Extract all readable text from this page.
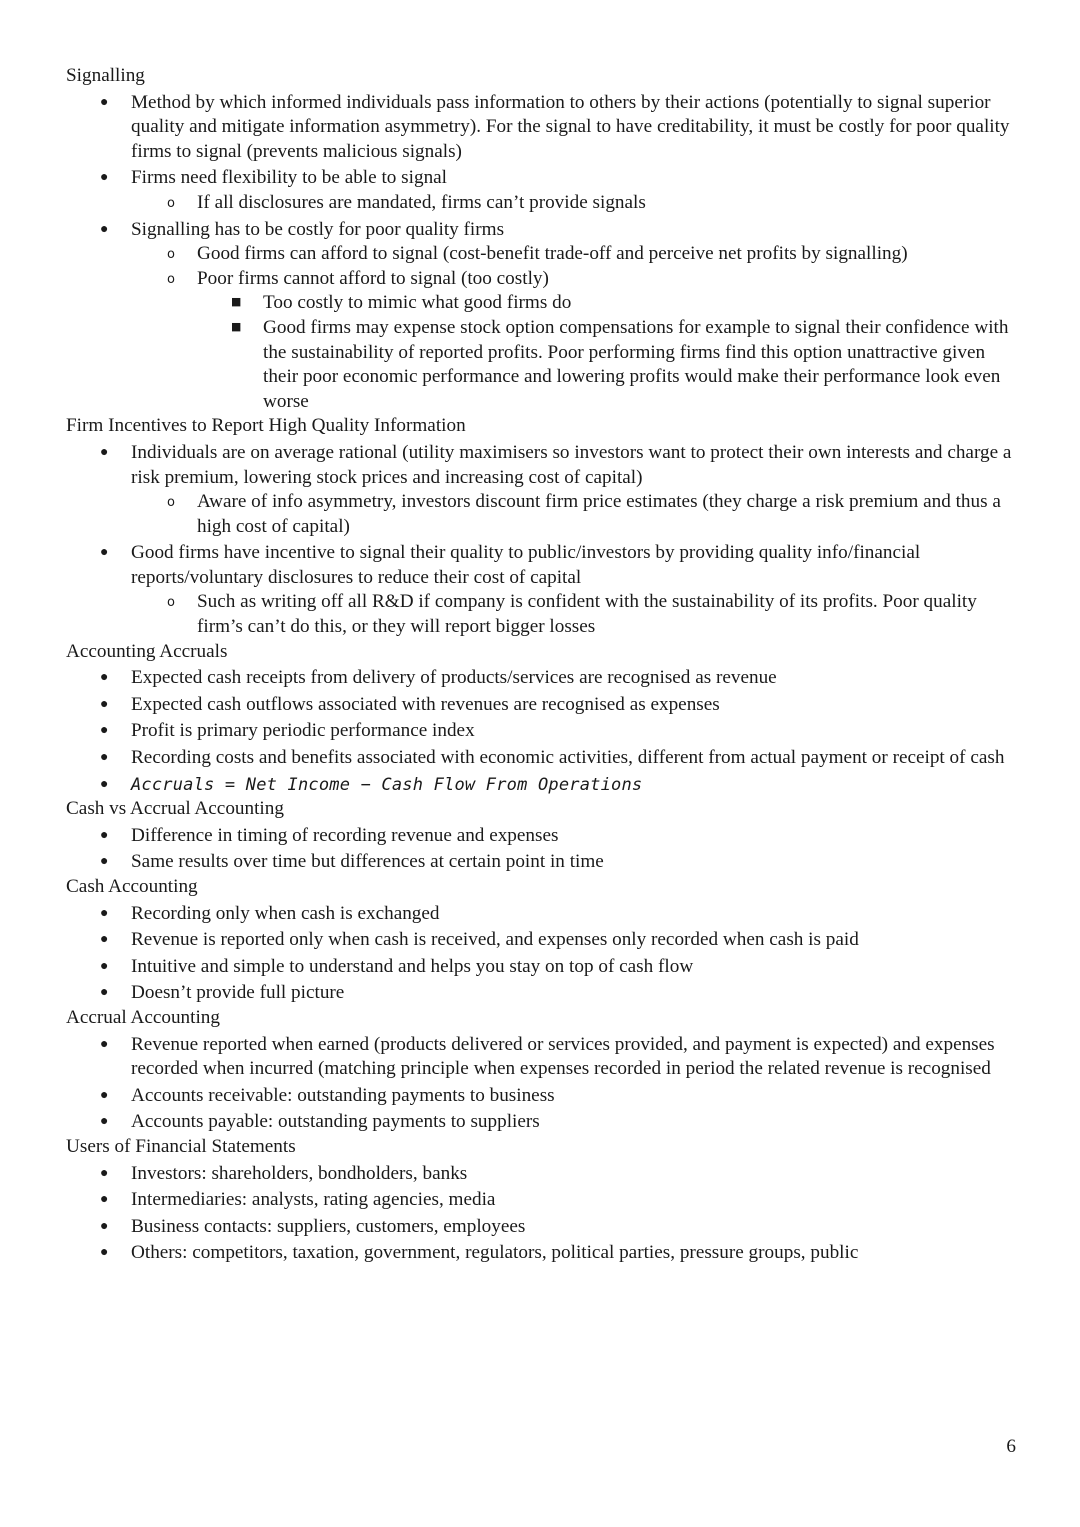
Signalling
●
Method by which informed individuals pass information to others by their actions (potentially to signal superior quality and mitigate information asymmetry). For the signal to have creditability, it must be costly for poor quality firms to signal (prevents malicious signals)
●
Firms need flexibility to be able to signal
o
If all disclosures are mandated, firms can’t provide signals
●
Signalling has to be costly for poor quality firms
o
Good firms can afford to signal (cost-benefit trade-off and perceive net profits by signalling)
o
Poor firms cannot afford to signal (too costly)
■
Too costly to mimic what good firms do
■
Good firms may expense stock option compensations for example to signal their confidence with the sustainability of reported profits. Poor performing firms find this option unattractive given their poor economic performance and lowering profits would make their performance look even worse
Firm Incentives to Report High Quality Information
●
Individuals are on average rational (utility maximisers so investors want to protect their own interests and charge a risk premium, lowering stock prices and increasing cost of capital)
o
Aware of info asymmetry, investors discount firm price estimates (they charge a risk premium and thus a high cost of capital)
●
Good firms have incentive to signal their quality to public/investors by providing quality info/financial reports/voluntary disclosures to reduce their cost of capital
o
Such as writing off all R&D if company is confident with the sustainability of its profits. Poor quality firm’s can’t do this, or they will report bigger losses
Accounting Accruals
●
Expected cash receipts from delivery of products/services are recognised as revenue
●
Expected cash outflows associated with revenues are recognised as expenses
●
Profit is primary periodic performance index
●
Recording costs and benefits associated with economic activities, different from actual payment or receipt of cash
●
Accruals = Net Income − Cash Flow From Operations
Cash vs Accrual Accounting
●
Difference in timing of recording revenue and expenses
●
Same results over time but differences at certain point in time
Cash Accounting
●
Recording only when cash is exchanged
●
Revenue is reported only when cash is received, and expenses only recorded when cash is paid
●
Intuitive and simple to understand and helps you stay on top of cash flow
●
Doesn’t provide full picture
Accrual Accounting
●
Revenue reported when earned (products delivered or services provided, and payment is expected) and expenses recorded when incurred (matching principle when expenses recorded in period the related revenue is recognised
●
Accounts receivable: outstanding payments to business
●
Accounts payable: outstanding payments to suppliers
Users of Financial Statements
●
Investors: shareholders, bondholders, banks
●
Intermediaries: analysts, rating agencies, media
●
Business contacts: suppliers, customers, employees
●
Others: competitors, taxation, government, regulators, political parties, pressure groups, public
6
